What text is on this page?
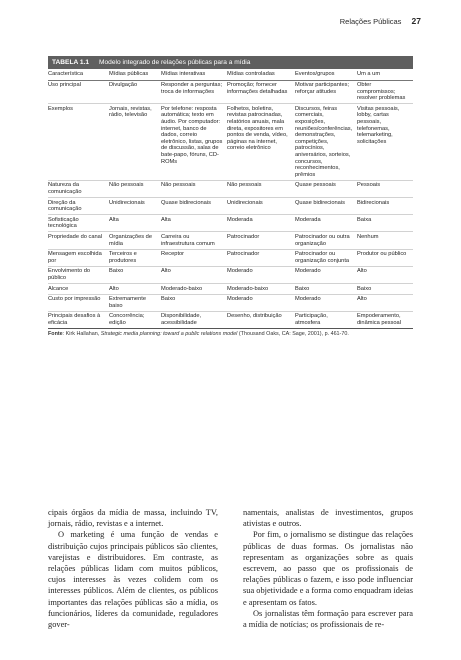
Relações Públicas 27
TABELA 1.1 Modelo integrado de relações públicas para a mídia
Característica	Mídias públicas	Mídias interativas	Mídias controladas	Eventos/grupos	Um a um
Uso principal	Divulgação	Responder a perguntas; troca de informações	Promoção; fornecer informações detalhadas	Motivar participantes; reforçar atitudes	Obter compromissos; resolver problemas
Exemplos	Jornais, revistas, rádio, televisão	Por telefone: resposta automática; texto em áudio. Por computador: internet, banco de dados, correio eletrônico, listas, grupos de discussão, salas de bate-papo, fóruns, CD-ROMs	Folhetos, boletins, revistas patrocinadas, relatórios anuais, mala direta, expositores em pontos de venda, vídeo, páginas na internet, correio eletrônico	Discursos, feiras comerciais, exposições, reuniões/conferências, demonstrações, competições, patrocínios, aniversários, sorteios, concursos, reconhecimentos, prêmios	Visitas pessoais, lobby, cartas pessoais, telefonemas, telemarketing, solicitações
Natureza da comunicação	Não pessoais	Não pessoais	Não pessoais	Quase pessoais	Pessoais
Direção da comunicação	Unidirecionais	Quase bidirecionais	Unidirecionais	Quase bidirecionais	Bidirecionais
Sofisticação tecnológica	Alta	Alta	Moderada	Moderada	Baixa
Propriedade do canal	Organizações de mídia	Carreira ou infraestrutura comum	Patrocinador	Patrocinador ou outra organização	Nenhum
Mensagem escolhida por	Terceiros e produtores	Receptor	Patrocinador	Patrocinador ou organização conjunta	Produtor ou público
Envolvimento do público	Baixo	Alto	Moderado	Moderado	Alto
Alcance	Alto	Moderado-baixo	Moderado-baixo	Baixo	Baixo
Custo por impressão	Extremamente baixo	Baixo	Moderado	Moderado	Alto
Principais desafios à eficácia	Concorrência; edição	Disponibilidade, acessibilidade	Desenho, distribuição	Participação, atmosfera	Empoderamento, dinâmica pessoal
Fonte: Kirk Hallahan, Strategic media planning: toward a public relations model (Thousand Oaks, CA: Sage, 2001), p. 461-70.

cipais órgãos da mídia de massa, incluindo TV, jornais, rádio, revistas e a internet.

O marketing é uma função de vendas e distribuição cujos principais públicos são clientes, varejistas e distribuidores. Em contraste, as relações públicas lidam com muitos públicos, cujos interesses às vezes colidem com os interesses públicos. Além de clientes, os públicos importantes das relações públicas são a mídia, os funcionários, líderes da comunidade, reguladores gover-

namentais, analistas de investimentos, grupos ativistas e outros.

Por fim, o jornalismo se distingue das relações públicas de duas formas. Os jornalistas não representam as organizações sobre as quais escrevem, ao passo que os profissionais de relações públicas o fazem, e isso pode influenciar sua objetividade e a forma como enquadram ideias e apresentam os fatos.

Os jornalistas têm formação para escrever para a mídia de notícias; os profissionais de re-
